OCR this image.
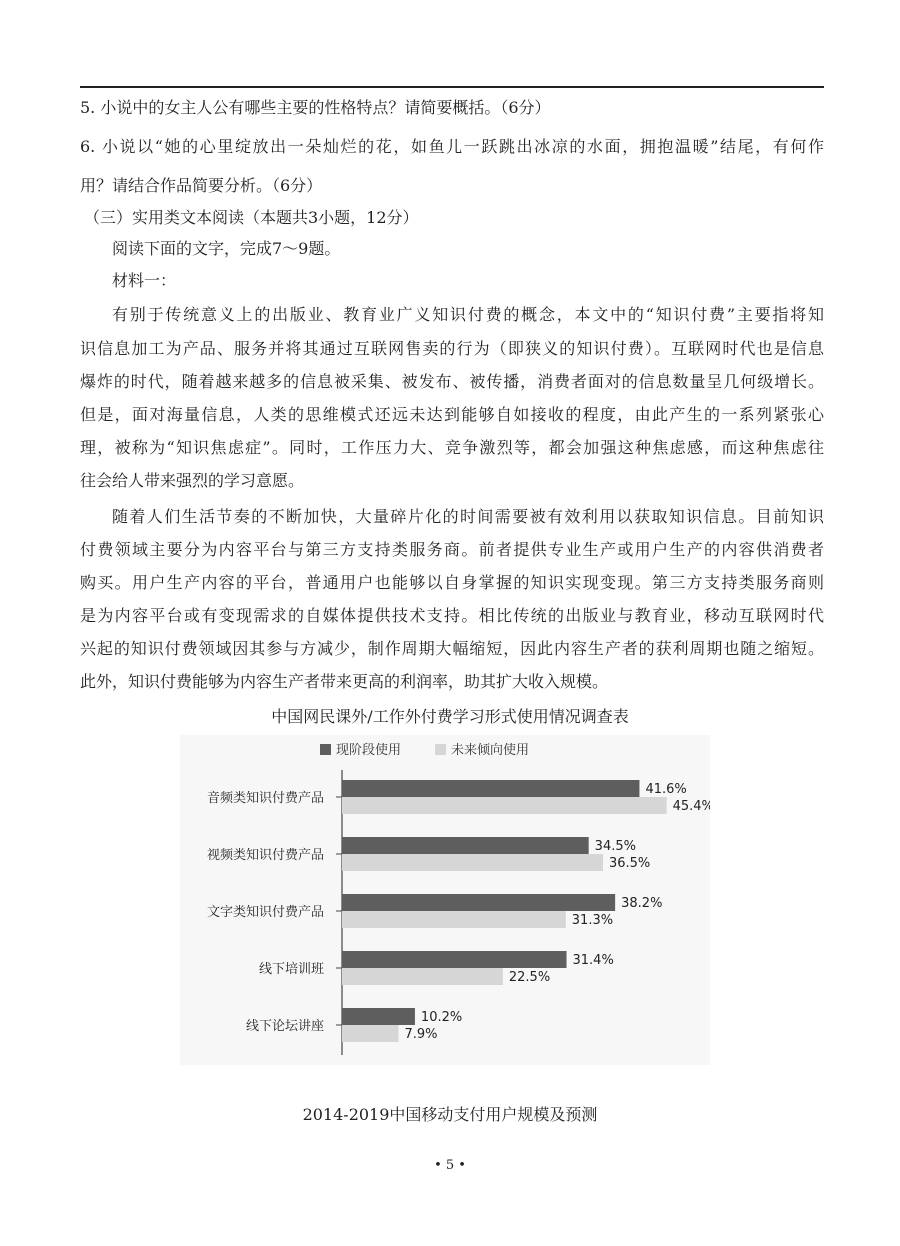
5. 小说中的女主人公有哪些主要的性格特点？请简要概括。（6分）
6. 小说以“她的心里绽放出一朵灿烂的花，如鱼儿一跃跳出冰凉的水面，拥抱温暖”结尾，有何作
用？请结合作品简要分析。（6分）
（三）实用类文本阅读（本题共3小题，12分）
阅读下面的文字，完成7～9题。
材料一：
有别于传统意义上的出版业、教育业广义知识付费的概念，本文中的“知识付费”主要指将知
识信息加工为产品、服务并将其通过互联网售卖的行为（即狭义的知识付费）。互联网时代也是信息
爆炸的时代，随着越来越多的信息被采集、被发布、被传播，消费者面对的信息数量呈几何级增长。
但是，面对海量信息，人类的思维模式还远未达到能够自如接收的程度，由此产生的一系列紧张心
理，被称为“知识焦虑症”。同时，工作压力大、竞争激烈等，都会加强这种焦虑感，而这种焦虑往
往会给人带来强烈的学习意愿。
随着人们生活节奏的不断加快，大量碎片化的时间需要被有效利用以获取知识信息。目前知识
付费领域主要分为内容平台与第三方支持类服务商。前者提供专业生产或用户生产的内容供消费者
购买。用户生产内容的平台，普通用户也能够以自身掌握的知识实现变现。第三方支持类服务商则
是为内容平台或有变现需求的自媒体提供技术支持。相比传统的出版业与教育业，移动互联网时代
兴起的知识付费领域因其参与方减少，制作周期大幅缩短，因此内容生产者的获利周期也随之缩短。
此外，知识付费能够为内容生产者带来更高的利润率，助其扩大收入规模。
中国网民课外/工作外付费学习形式使用情况调查表
现阶段使用	未来倾向使用
音频类知识付费产品
41.6%
45.4%
视频类知识付费产品
34.5%
36.5%
文字类知识付费产品
38.2%
31.3%
线下培训班
31.4%
22.5%
线下论坛讲座
10.2%
7.9%
2014-2019中国移动支付用户规模及预测
• 5 •
